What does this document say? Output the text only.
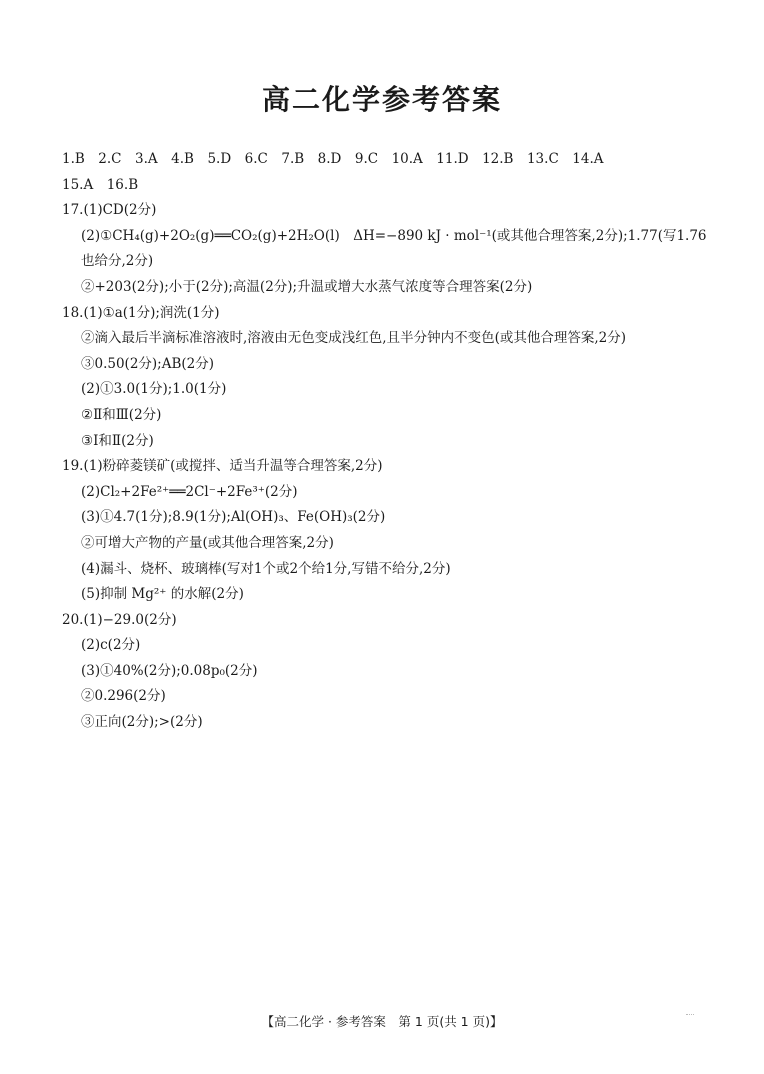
高二化学参考答案
1.B　2.C　3.A　4.B　5.D　6.C　7.B　8.D　9.C　10.A　11.D　12.B　13.C　14.A
15.A　16.B
17.(1)CD(2分)
(2)①CH₄(g)+2O₂(g)══CO₂(g)+2H₂O(l)　ΔH=−890 kJ · mol⁻¹(或其他合理答案,2分);1.77(写1.76也给分,2分)
②+203(2分);小于(2分);高温(2分);升温或增大水蒸气浓度等合理答案(2分)
18.(1)①a(1分);润洗(1分)
②滴入最后半滴标准溶液时,溶液由无色变成浅红色,且半分钟内不变色(或其他合理答案,2分)
③0.50(2分);AB(2分)
(2)①3.0(1分);1.0(1分)
②Ⅱ和Ⅲ(2分)
③Ⅰ和Ⅱ(2分)
19.(1)粉碎菱镁矿(或搅拌、适当升温等合理答案,2分)
(2)Cl₂+2Fe²⁺══2Cl⁻+2Fe³⁺(2分)
(3)①4.7(1分);8.9(1分);Al(OH)₃、Fe(OH)₃(2分)
②可增大产物的产量(或其他合理答案,2分)
(4)漏斗、烧杯、玻璃棒(写对1个或2个给1分,写错不给分,2分)
(5)抑制 Mg²⁺ 的水解(2分)
20.(1)−29.0(2分)
(2)c(2分)
(3)①40%(2分);0.08p₀(2分)
②0.296(2分)
③正向(2分);>(2分)
【高二化学 · 参考答案　第 1 页(共 1 页)】
